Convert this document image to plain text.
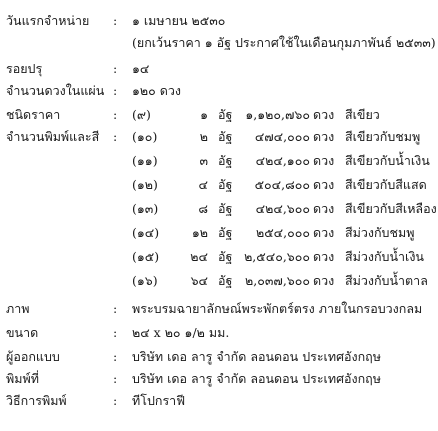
วันแรกจำหน่าย : ๑ เมษายน ๒๕๓๐
(ยกเว้นราคา ๑ อัฐ ประกาศใช้ในเดือนกุมภาพันธ์ ๒๕๓๓)
รอยปรุ	: ๑๔
จำนวนดวงในแผ่น : ๑๒๐ ดวง
ชนิดราคา	: (๙)	๑ อัฐ	๑,๑๒๐,๗๖๐ ดวง สีเขียว
จำนวนพิมพ์และสี : (๑๐)	๒ อัฐ	๔๗๔,๐๐๐ ดวง สีเขียวกับชมพู
(๑๑)	๓ อัฐ	๔๒๔,๑๐๐ ดวง สีเขียวกับน้ำเงิน
(๑๒)	๔ อัฐ	๕๐๔,๘๐๐ ดวง สีเขียวกับสีแสด
(๑๓)	๘ อัฐ	๔๒๔,๖๐๐ ดวง สีเขียวกับสีเหลือง
(๑๔)	๑๒ อัฐ	๒๕๔,๐๐๐ ดวง สีม่วงกับชมพู
(๑๕)	๒๔ อัฐ ๒,๕๔๐,๖๐๐ ดวง สีม่วงกับน้ำเงิน
(๑๖)	๖๔ อัฐ	๒,๐๓๗,๖๐๐ ดวง สีม่วงกับน้ำตาล
ภาพ	: พระบรมฉายาลักษณ์พระพักตร์ตรง ภายในกรอบวงกลม
ขนาด	: ๒๔ x ๒๐ ๑/๒ มม.
ผู้ออกแบบ	: บริษัท เดอ ลารู จำกัด ลอนดอน ประเทศอังกฤษ
พิมพ์ที่	: บริษัท เดอ ลารู จำกัด ลอนดอน ประเทศอังกฤษ
วิธีการพิมพ์	: ทีโปกราฟี
